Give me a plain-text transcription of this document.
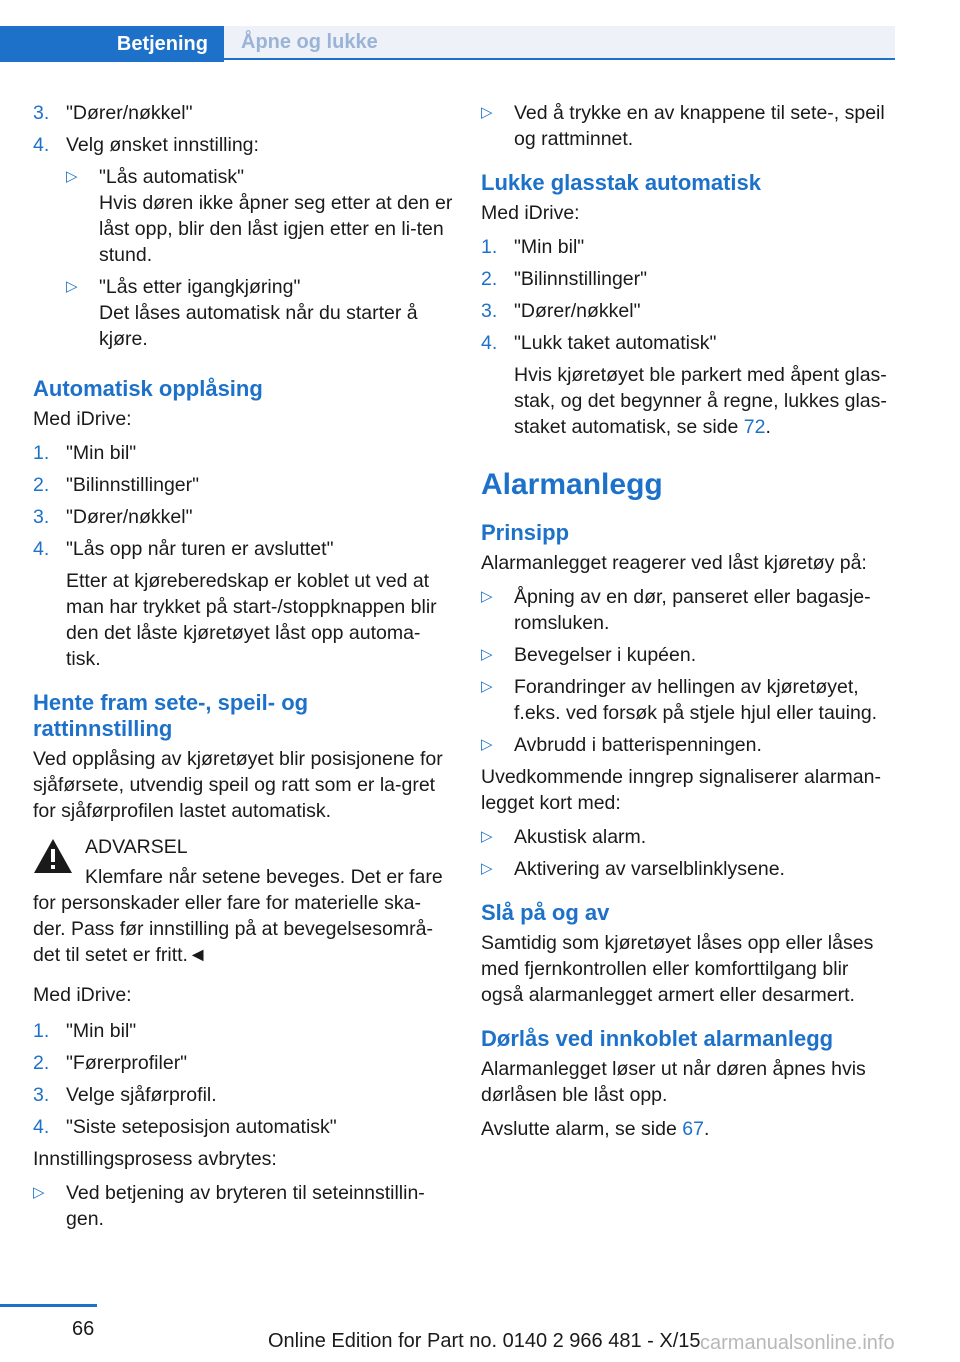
Betjening	Åpne og lukke
3. "Dører/nøkkel"
4. Velg ønsket innstilling:

▷	"Lås automatisk"

Hvis døren ikke åpner seg etter at den er låst opp, blir den låst igjen etter en li‐ten stund.

▷	"Lås etter igangkjøring"

Det låses automatisk når du starter å kjøre.

Automatisk opplåsing

Med iDrive:

1. "Min bil"
2. "Bilinnstillinger"
3. "Dører/nøkkel"
4. "Lås opp når turen er avsluttet"

Etter at kjøreberedskap er koblet ut ved at man har trykket på start-/stoppknappen blir den det låste kjøretøyet låst opp automa‐tisk.

Hente fram sete-, speil- og rattinnstilling

Ved opplåsing av kjøretøyet blir posisjonene for sjåførsete, utvendig speil og ratt som er la‐gret for sjåførprofilen lastet automatisk.

ADVARSEL

Klemfare når setene beveges. Det er fare

for personskader eller fare for materielle ska‐der. Pass før innstilling på at bevegelsesområ‐det til setet er fritt.◄

Med iDrive:

1. "Min bil"
2. "Førerprofiler"
3. Velge sjåførprofil.
4. "Siste seteposisjon automatisk"

Innstillingsprosess avbrytes:

▷	Ved betjening av bryteren til seteinnstillin‐gen.
▷	Ved å trykke en av knappene til sete-, speil og rattminnet.
Lukke glasstak automatisk

Med iDrive:

1. "Min bil"
2. "Bilinnstillinger"
3. "Dører/nøkkel"
4. "Lukk taket automatisk"

Hvis kjøretøyet ble parkert med åpent glas‐stak, og det begynner å regne, lukkes glas‐staket automatisk, se side 72.

Alarmanlegg
Prinsipp

Alarmanlegget reagerer ved låst kjøretøy på:

▷	Åpning av en dør, panseret eller bagasje‐romsluken.
▷	Bevegelser i kupéen.
▷	Forandringer av hellingen av kjøretøyet, f.eks. ved forsøk på stjele hjul eller tauing.
▷	Avbrudd i batterispenningen.

Uvedkommende inngrep signaliserer alarman‐legget kort med:

▷	Akustisk alarm.
▷	Aktivering av varselblinklysene.
Slå på og av

Samtidig som kjøretøyet låses opp eller låses med fjernkontrollen eller komforttilgang blir også alarmanlegget armert eller desarmert.

Dørlås ved innkoblet alarmanlegg

Alarmanlegget løser ut når døren åpnes hvis dørlåsen ble låst opp.

Avslutte alarm, se side 67.

66
Online Edition for Part no. 0140 2 966 481 - X/15 carmanualsonline.info
